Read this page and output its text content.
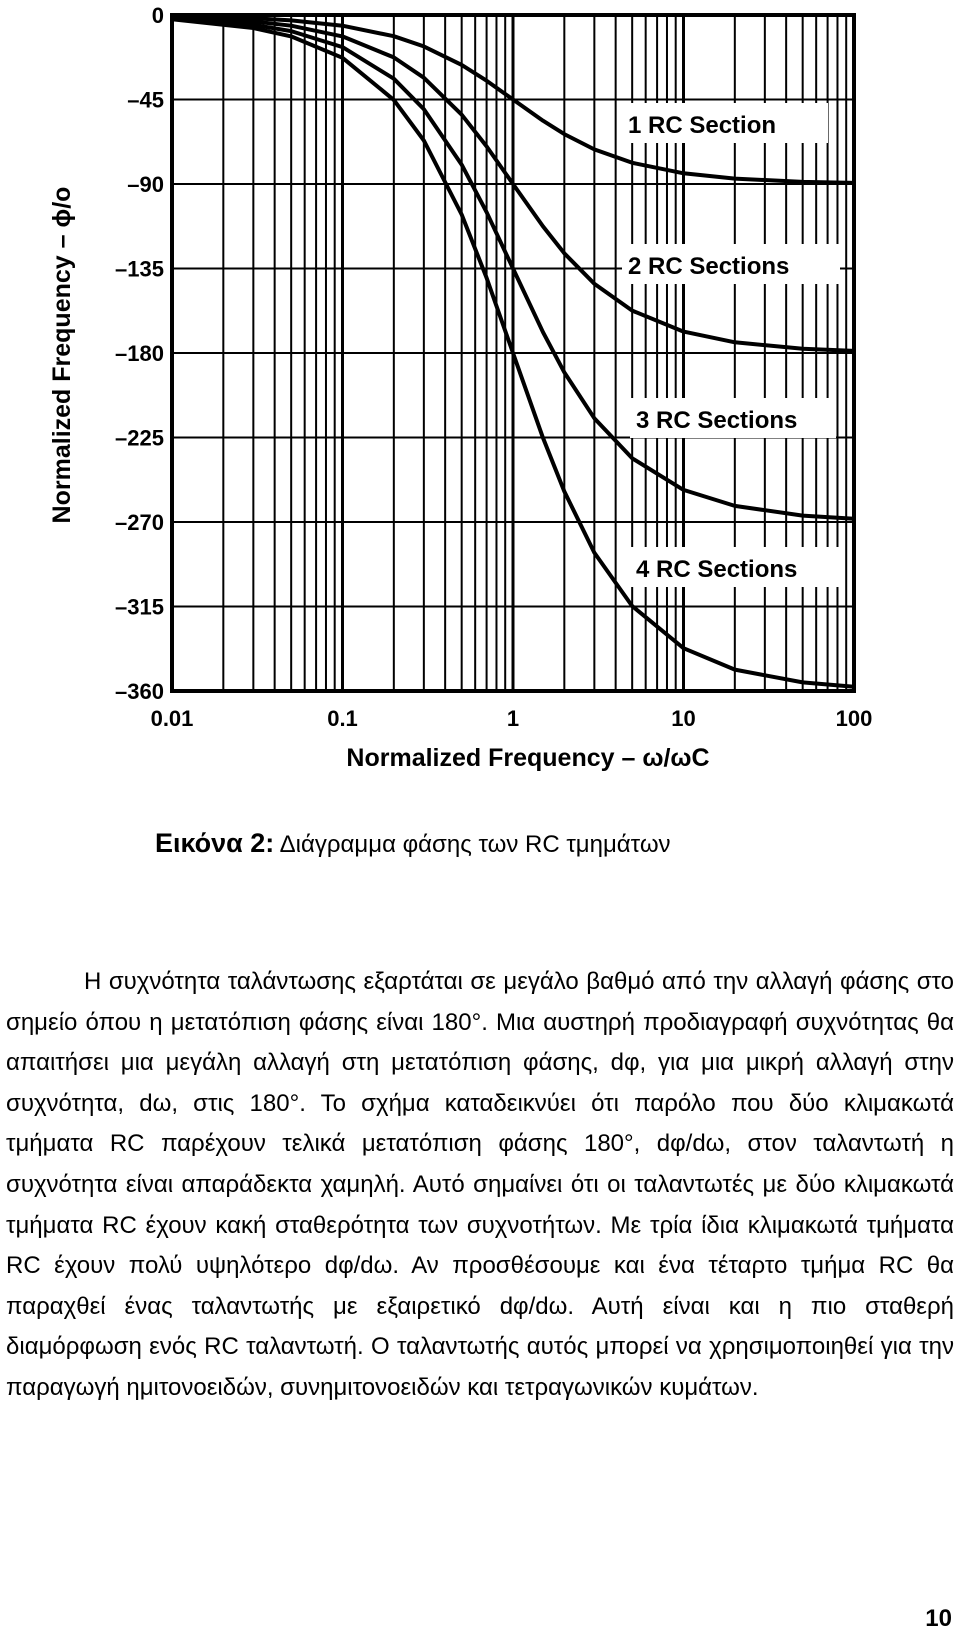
1 RC Section
2 RC Sections
3 RC Sections
4 RC Sections
0
–45
–90
–135
–180
–225
–270
–315
–360
0.01	0.1	1	10	100
Normalized Frequency – ω/ωC
Normalized Frequency – ϕ/ο
Εικόνα 2: Διάγραμμα φάσης των RC τμημάτων

Η συχνότητα ταλάντωσης εξαρτάται σε μεγάλο βαθμό από την αλλαγή φάσης στο σημείο όπου η μετατόπιση φάσης είναι 180°. Μια αυστηρή προδιαγραφή συχνότητας θα απαιτήσει μια μεγάλη αλλαγή στη μετατόπιση φάσης, dφ, για μια μικρή αλλαγή στην συχνότητα, dω, στις 180°. Το σχήμα καταδεικνύει ότι παρόλο που δύο κλιμακωτά τμήματα RC παρέχουν τελικά μετατόπιση φάσης 180°, dφ/dω, στον ταλαντωτή η συχνότητα είναι απαράδεκτα χαμηλή. Αυτό σημαίνει ότι οι ταλαντωτές με δύο κλιμακωτά τμήματα RC έχουν κακή σταθερότητα των συχνοτήτων. Με τρία ίδια κλιμακωτά τμήματα RC έχουν πολύ υψηλότερο dφ/dω. Αν προσθέσουμε και ένα τέταρτο τμήμα RC θα παραχθεί ένας ταλαντωτής με εξαιρετικό dφ/dω. Αυτή είναι και η πιο σταθερή διαμόρφωση ενός RC ταλαντωτή. Ο ταλαντωτής αυτός μπορεί να χρησιμοποιηθεί για την παραγωγή ημιτονοειδών, συνημιτονοειδών και τετραγωνικών κυμάτων.

10
